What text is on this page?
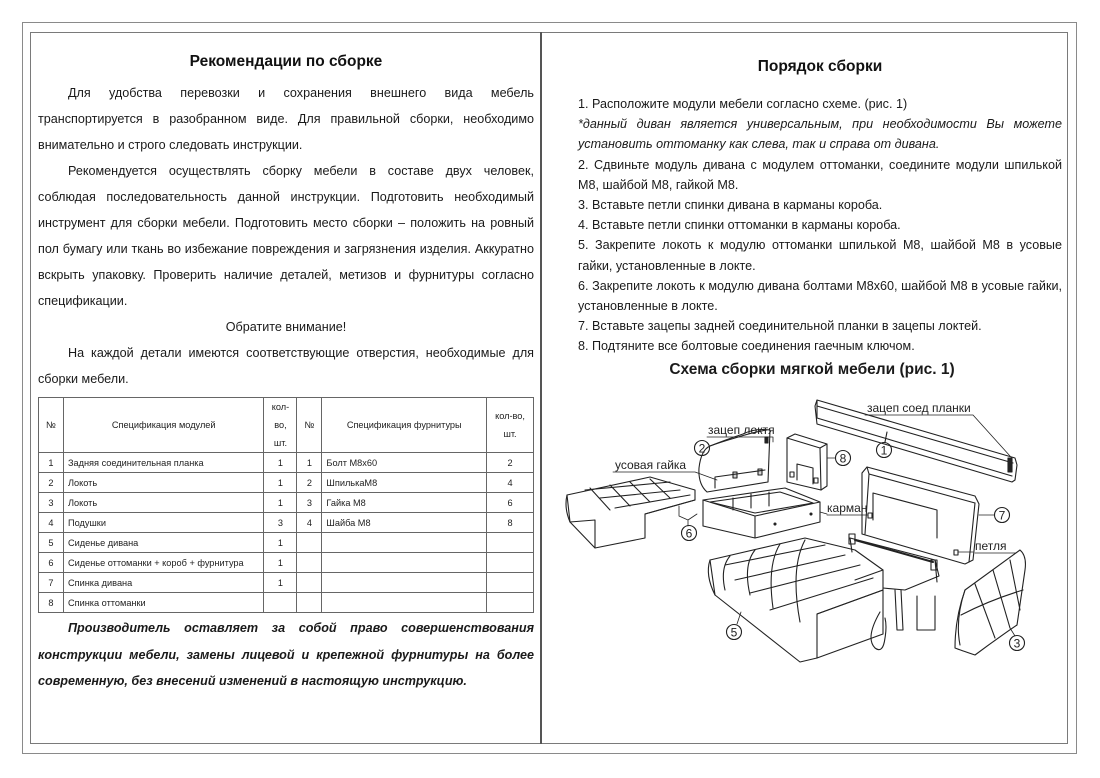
Рекомендации по сборке

Для удобства перевозки и сохранения внешнего вида мебель транспортируется в разобранном виде. Для правильной сборки, необходимо внимательно и строго следовать инструкции.

Рекомендуется осуществлять сборку мебели в составе двух человек, соблюдая последовательность данной инструкции. Подготовить необходимый инструмент для сборки мебели. Подготовить место сборки – положить на ровный пол бумагу или ткань во избежание повреждения и загрязнения изделия. Аккуратно вскрыть упаковку. Проверить наличие деталей, метизов и фурнитуры согласно спецификации.

Обратите внимание!

На каждой детали имеются соответствующие отверстия, необходимые для сборки мебели.

№	Спецификация модулей	кол-во, шт.	№	Спецификация фурнитуры	кол-во, шт.
1	Задняя соединительная планка	1	1	Болт М8х60	2
2	Локоть	1	2	ШпилькаМ8	4
3	Локоть	1	3	Гайка М8	6
4	Подушки	3	4	Шайба М8	8
5	Сиденье дивана	1			
6	Сиденье оттоманки + короб + фурнитура	1			
7	Спинка дивана	1			
8	Спинка оттоманки				

Производитель оставляет за собой право совершенствования конструкции мебели, замены лицевой и крепежной фурнитуры на более современную, без внесений изменений в настоящую инструкцию.

Порядок сборки

1. Расположите модули мебели согласно схеме. (рис. 1)

*данный диван является универсальным, при необходимости Вы можете установить оттоманку как слева, так и справа от дивана.

2. Сдвиньте модуль дивана с модулем оттоманки, соедините модули шпилькой М8, шайбой М8, гайкой М8.

3. Вставьте петли спинки дивана в карманы короба.

4. Вставьте петли спинки оттоманки в карманы короба.

5. Закрепите локоть к модулю оттоманки шпилькой М8, шайбой М8 в усовые гайки, установленные в локте.

6. Закрепите локоть к модулю дивана болтами М8х60, шайбой М8 в усовые гайки, установленные в локте.

7. Вставьте зацепы задней соединительной планки в зацепы локтей.

8. Подтяните все болтовые соединения гаечным ключом.

Схема сборки мягкой мебели (рис. 1)
1
зацеп соед планки
2
зацеп локтя
усовая гайка	8
6
карман
7
петля
5
3
